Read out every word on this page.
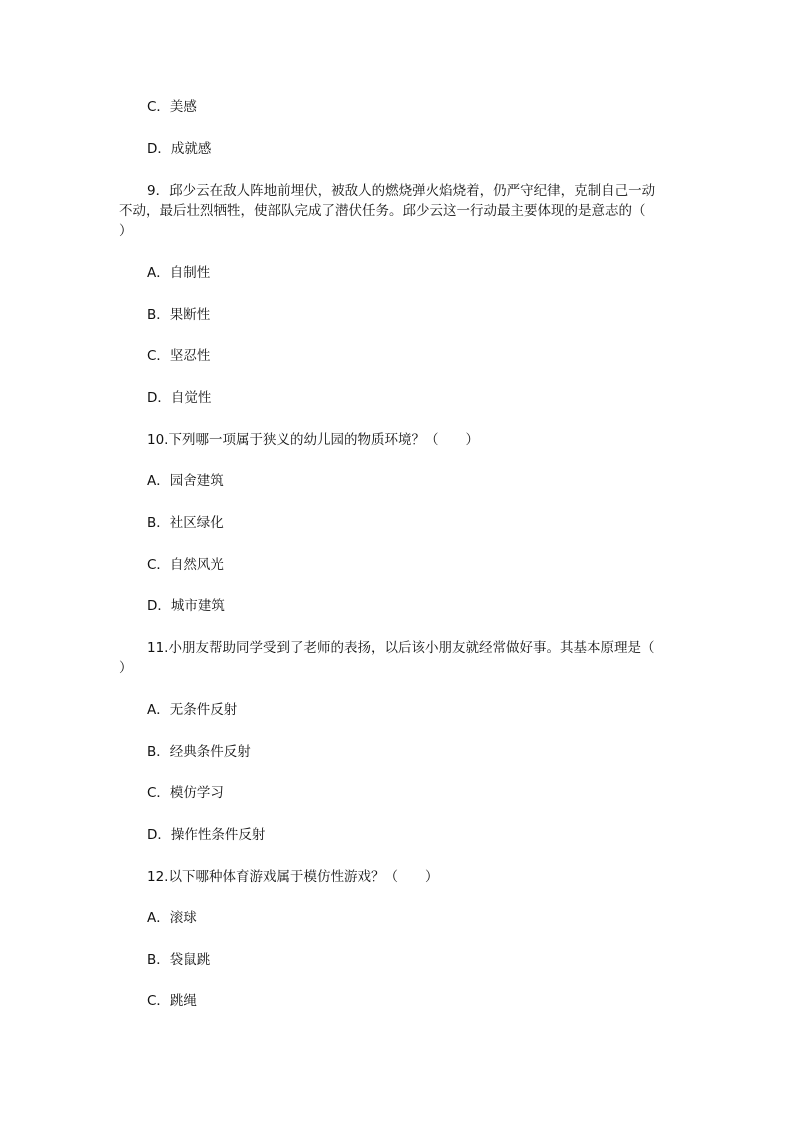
C．美感
D．成就感
9．邱少云在敌人阵地前埋伏，被敌人的燃烧弹火焰烧着，仍严守纪律，克制自己一动
不动，最后壮烈牺牲，使部队完成了潜伏任务。邱少云这一行动最主要体现的是意志的（
）
A．自制性
B．果断性
C．坚忍性
D．自觉性
10.下列哪一项属于狭义的幼儿园的物质环境？（　　）
A．园舍建筑
B．社区绿化
C．自然风光
D．城市建筑
11.小朋友帮助同学受到了老师的表扬，以后该小朋友就经常做好事。其基本原理是（
）
A．无条件反射
B．经典条件反射
C．模仿学习
D．操作性条件反射
12.以下哪种体育游戏属于模仿性游戏？（　　）
A．滚球
B．袋鼠跳
C．跳绳
